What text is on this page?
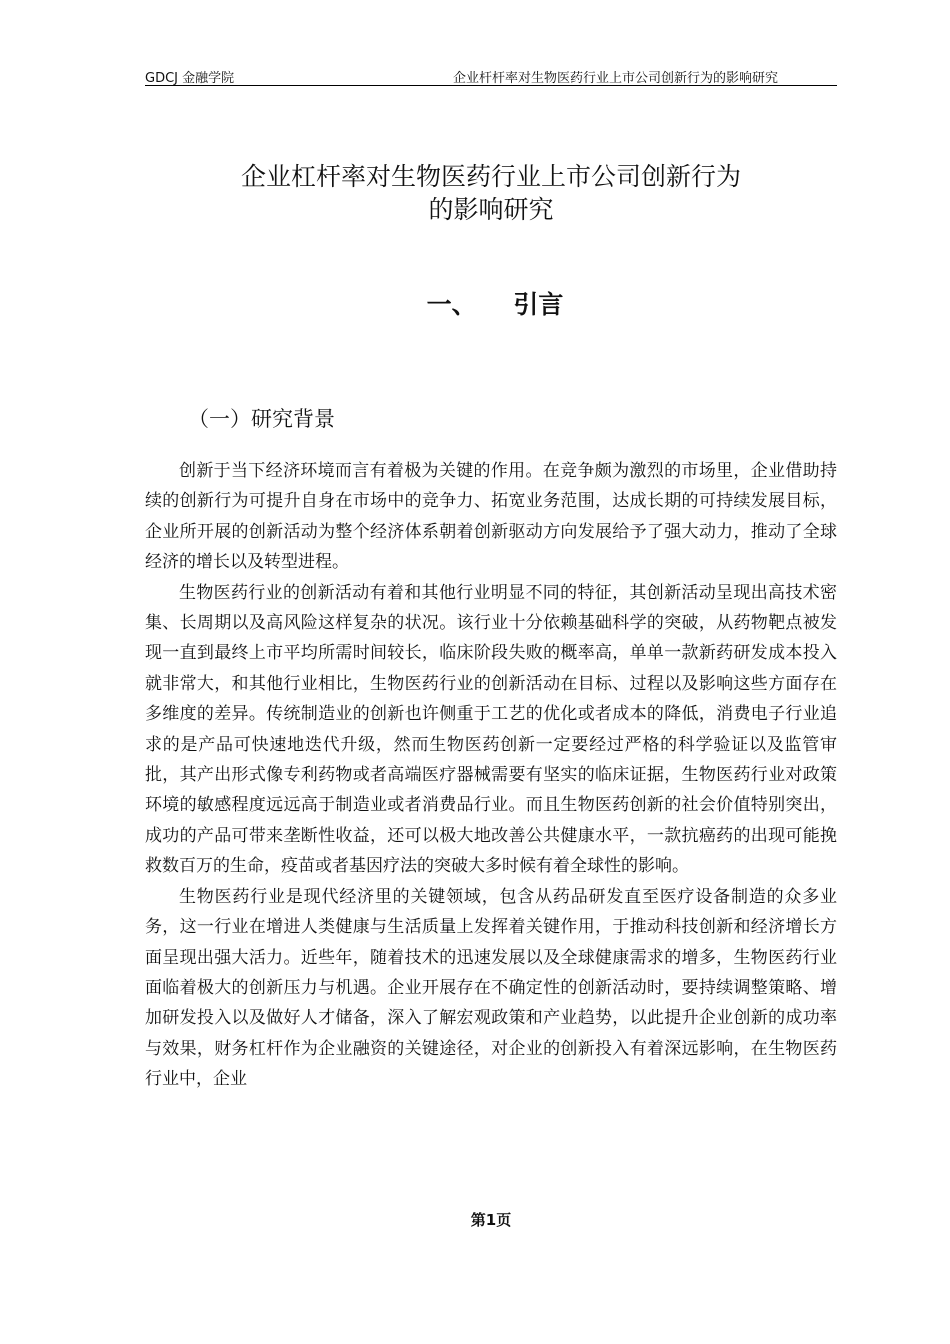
GDCJ 金融学院	企业杆杆率对生物医药行业上市公司创新行为的影响研究
企业杠杆率对生物医药行业上市公司创新行为
的影响研究
一、 引言
（一）研究背景

创新于当下经济环境而言有着极为关键的作用。在竞争颇为激烈的市场里，企业借助持续的创新行为可提升自身在市场中的竞争力、拓宽业务范围，达成长期的可持续发展目标，企业所开展的创新活动为整个经济体系朝着创新驱动方向发展给予了强大动力，推动了全球经济的增长以及转型进程。

生物医药行业的创新活动有着和其他行业明显不同的特征，其创新活动呈现出高技术密集、长周期以及高风险这样复杂的状况。该行业十分依赖基础科学的突破，从药物靶点被发现一直到最终上市平均所需时间较长，临床阶段失败的概率高，单单一款新药研发成本投入就非常大，和其他行业相比，生物医药行业的创新活动在目标、过程以及影响这些方面存在多维度的差异。传统制造业的创新也许侧重于工艺的优化或者成本的降低，消费电子行业追求的是产品可快速地迭代升级，然而生物医药创新一定要经过严格的科学验证以及监管审批，其产出形式像专利药物或者高端医疗器械需要有坚实的临床证据，生物医药行业对政策环境的敏感程度远远高于制造业或者消费品行业。而且生物医药创新的社会价值特别突出，成功的产品可带来垄断性收益，还可以极大地改善公共健康水平，一款抗癌药的出现可能挽救数百万的生命，疫苗或者基因疗法的突破大多时候有着全球性的影响。

生物医药行业是现代经济里的关键领域，包含从药品研发直至医疗设备制造的众多业务，这一行业在增进人类健康与生活质量上发挥着关键作用，于推动科技创新和经济增长方面呈现出强大活力。近些年，随着技术的迅速发展以及全球健康需求的增多，生物医药行业面临着极大的创新压力与机遇。企业开展存在不确定性的创新活动时，要持续调整策略、增加研发投入以及做好人才储备，深入了解宏观政策和产业趋势，以此提升企业创新的成功率与效果，财务杠杆作为企业融资的关键途径，对企业的创新投入有着深远影响，在生物医药行业中，企业

第1页
